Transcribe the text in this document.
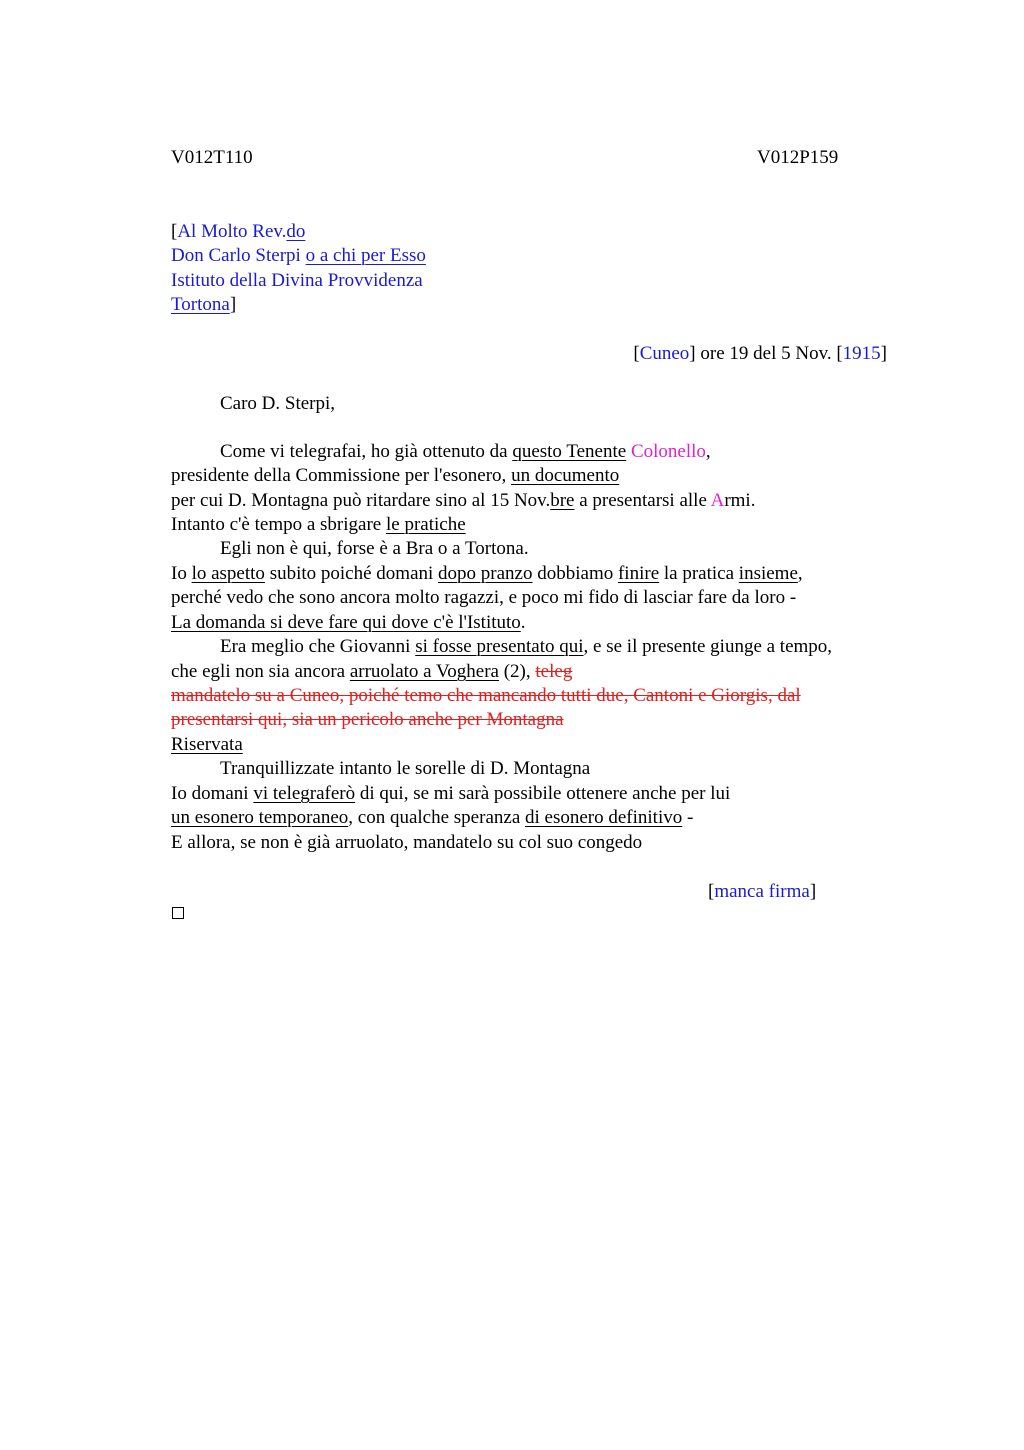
V012T110	V012P159
[Al Molto Rev.do
Don Carlo Sterpi o a chi per Esso
Istituto della Divina Provvidenza
Tortona]
[Cuneo] ore 19 del 5 Nov. [1915]
Caro D. Sterpi,
Come vi telegrafai, ho già ottenuto da questo Tenente Colonello,
presidente della Commissione per l'esonero, un documento
per cui D. Montagna può ritardare sino al 15 Nov.bre a presentarsi alle Armi.
Intanto c'è tempo a sbrigare le pratiche
Egli non è qui, forse è a Bra o a Tortona.
Io lo aspetto subito poiché domani dopo pranzo dobbiamo finire la pratica insieme,
perché vedo che sono ancora molto ragazzi, e poco mi fido di lasciar fare da loro -
La domanda si deve fare qui dove c'è l'Istituto.
Era meglio che Giovanni si fosse presentato qui, e se il presente giunge a tempo,
che egli non sia ancora arruolato a Voghera (2), teleg
mandatelo su a Cuneo, poiché temo che mancando tutti due, Cantoni e Giorgis, dal
presentarsi qui, sia un pericolo anche per Montagna
Riservata
Tranquillizzate intanto le sorelle di D. Montagna
Io domani vi telegraferò di qui, se mi sarà possibile ottenere anche per lui
un esonero temporaneo, con qualche speranza di esonero definitivo -
E allora, se non è già arruolato, mandatelo su col suo congedo
[manca firma]
